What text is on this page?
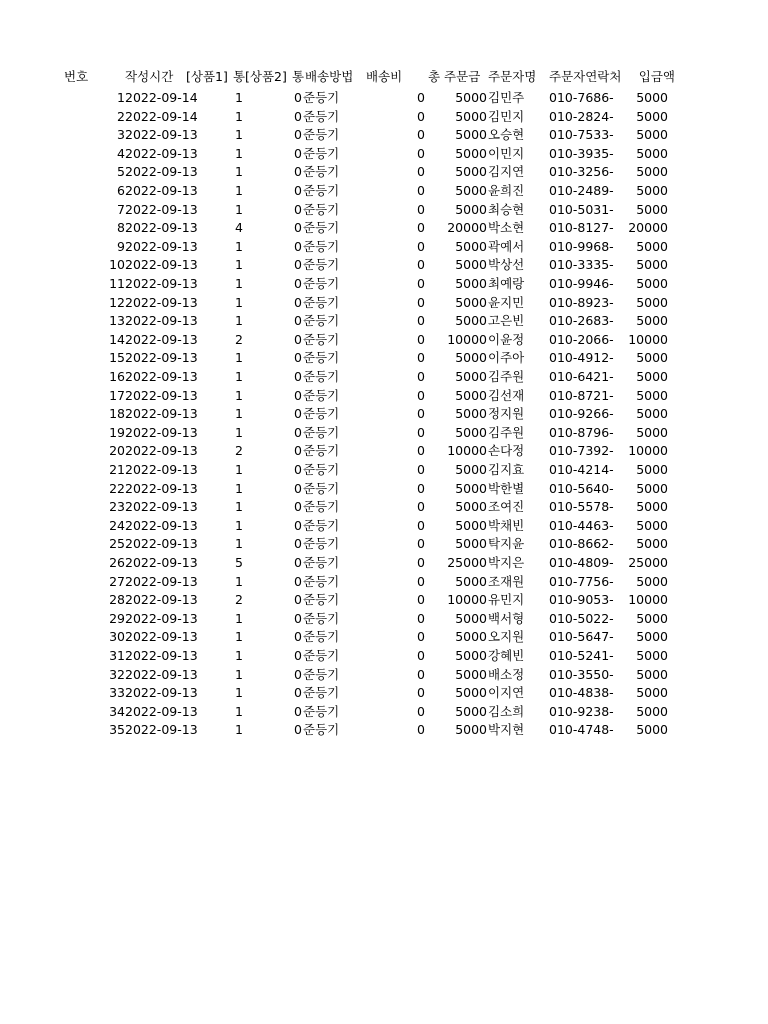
번호	작성시간	[상품1] 통 [상품2] 통 배송방법	배송비	총 주문금 주문자명	주문자연락처	입금액
1 2022-09-14	1	0 준등기	0	5000 김민주	010-7686-	5000
2 2022-09-14	1	0 준등기	0	5000 김민지	010-2824-	5000
3 2022-09-13	1	0 준등기	0	5000 오승현	010-7533-	5000
4 2022-09-13	1	0 준등기	0	5000 이민지	010-3935-	5000
5 2022-09-13	1	0 준등기	0	5000 김지연	010-3256-	5000
6 2022-09-13	1	0 준등기	0	5000 윤희진	010-2489-	5000
7 2022-09-13	1	0 준등기	0	5000 최승현	010-5031-	5000
8 2022-09-13	4	0 준등기	0	20000 박소현	010-8127-	20000
9 2022-09-13	1	0 준등기	0	5000 곽예서	010-9968-	5000
10 2022-09-13	1	0 준등기	0	5000 박상선	010-3335-	5000
11 2022-09-13	1	0 준등기	0	5000 최예랑	010-9946-	5000
12 2022-09-13	1	0 준등기	0	5000 윤지민	010-8923-	5000
13 2022-09-13	1	0 준등기	0	5000 고은빈	010-2683-	5000
14 2022-09-13	2	0 준등기	0	10000 이윤정	010-2066-	10000
15 2022-09-13	1	0 준등기	0	5000 이주아	010-4912-	5000
16 2022-09-13	1	0 준등기	0	5000 김주원	010-6421-	5000
17 2022-09-13	1	0 준등기	0	5000 김선재	010-8721-	5000
18 2022-09-13	1	0 준등기	0	5000 정지원	010-9266-	5000
19 2022-09-13	1	0 준등기	0	5000 김주원	010-8796-	5000
20 2022-09-13	2	0 준등기	0	10000 손다정	010-7392-	10000
21 2022-09-13	1	0 준등기	0	5000 김지효	010-4214-	5000
22 2022-09-13	1	0 준등기	0	5000 박한별	010-5640-	5000
23 2022-09-13	1	0 준등기	0	5000 조여진	010-5578-	5000
24 2022-09-13	1	0 준등기	0	5000 박채빈	010-4463-	5000
25 2022-09-13	1	0 준등기	0	5000 탁지윤	010-8662-	5000
26 2022-09-13	5	0 준등기	0	25000 박지은	010-4809-	25000
27 2022-09-13	1	0 준등기	0	5000 조재원	010-7756-	5000
28 2022-09-13	2	0 준등기	0	10000 유민지	010-9053-	10000
29 2022-09-13	1	0 준등기	0	5000 백서형	010-5022-	5000
30 2022-09-13	1	0 준등기	0	5000 오지원	010-5647-	5000
31 2022-09-13	1	0 준등기	0	5000 강혜빈	010-5241-	5000
32 2022-09-13	1	0 준등기	0	5000 배소정	010-3550-	5000
33 2022-09-13	1	0 준등기	0	5000 이지연	010-4838-	5000
34 2022-09-13	1	0 준등기	0	5000 김소희	010-9238-	5000
35 2022-09-13	1	0 준등기	0	5000 박지현	010-4748-	5000
